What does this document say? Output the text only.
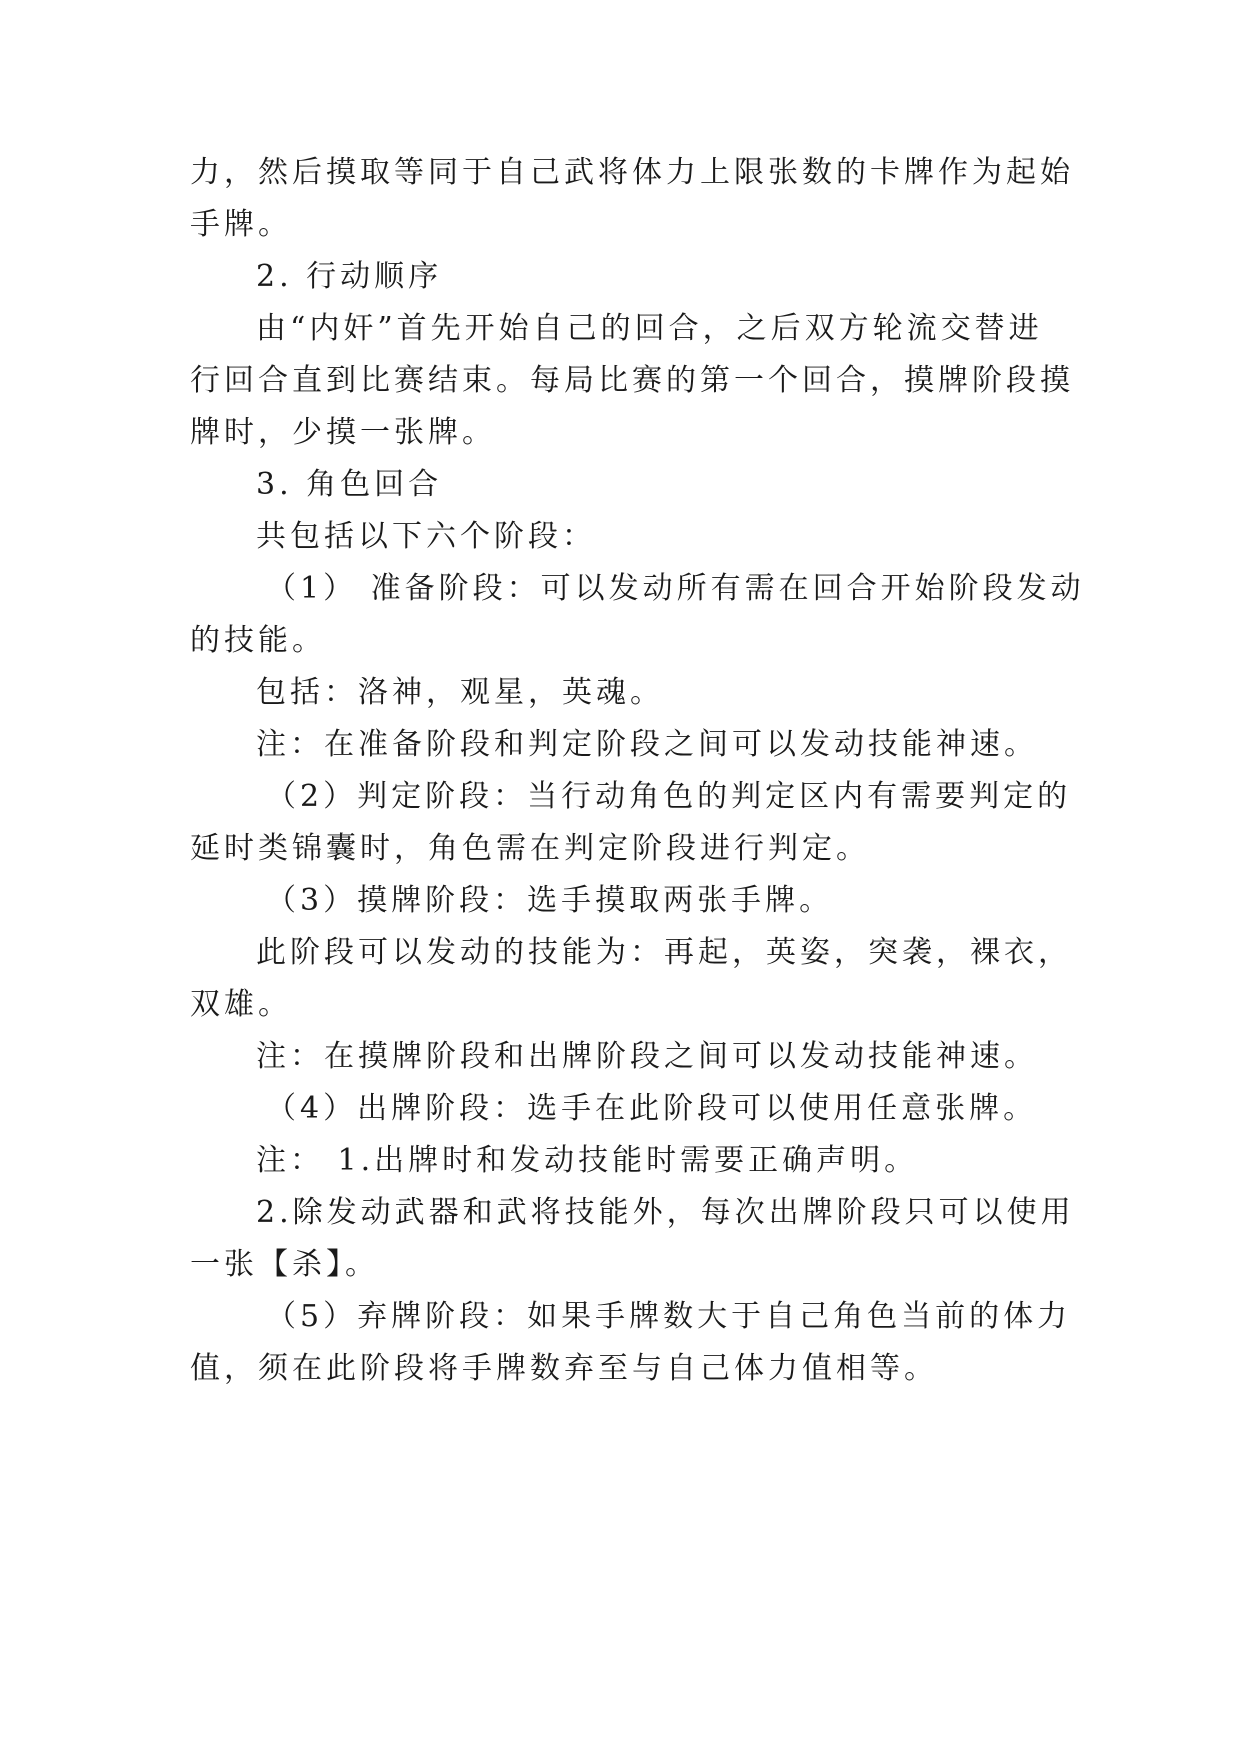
力，然后摸取等同于自己武将体力上限张数的卡牌作为起始
手牌。
2. 行动顺序
由“内奸”首先开始自己的回合，之后双方轮流交替进
行回合直到比赛结束。每局比赛的第一个回合，摸牌阶段摸
牌时，少摸一张牌。
3. 角色回合
共包括以下六个阶段：
（1） 准备阶段：可以发动所有需在回合开始阶段发动
的技能。
包括：洛神，观星，英魂。
注：在准备阶段和判定阶段之间可以发动技能神速。
（2）判定阶段：当行动角色的判定区内有需要判定的
延时类锦囊时，角色需在判定阶段进行判定。
（3）摸牌阶段：选手摸取两张手牌。
此阶段可以发动的技能为：再起，英姿，突袭，裸衣，
双雄。
注：在摸牌阶段和出牌阶段之间可以发动技能神速。
（4）出牌阶段：选手在此阶段可以使用任意张牌。
注： 1.出牌时和发动技能时需要正确声明。
2.除发动武器和武将技能外，每次出牌阶段只可以使用
一张【杀】。
（5）弃牌阶段：如果手牌数大于自己角色当前的体力
值，须在此阶段将手牌数弃至与自己体力值相等。
